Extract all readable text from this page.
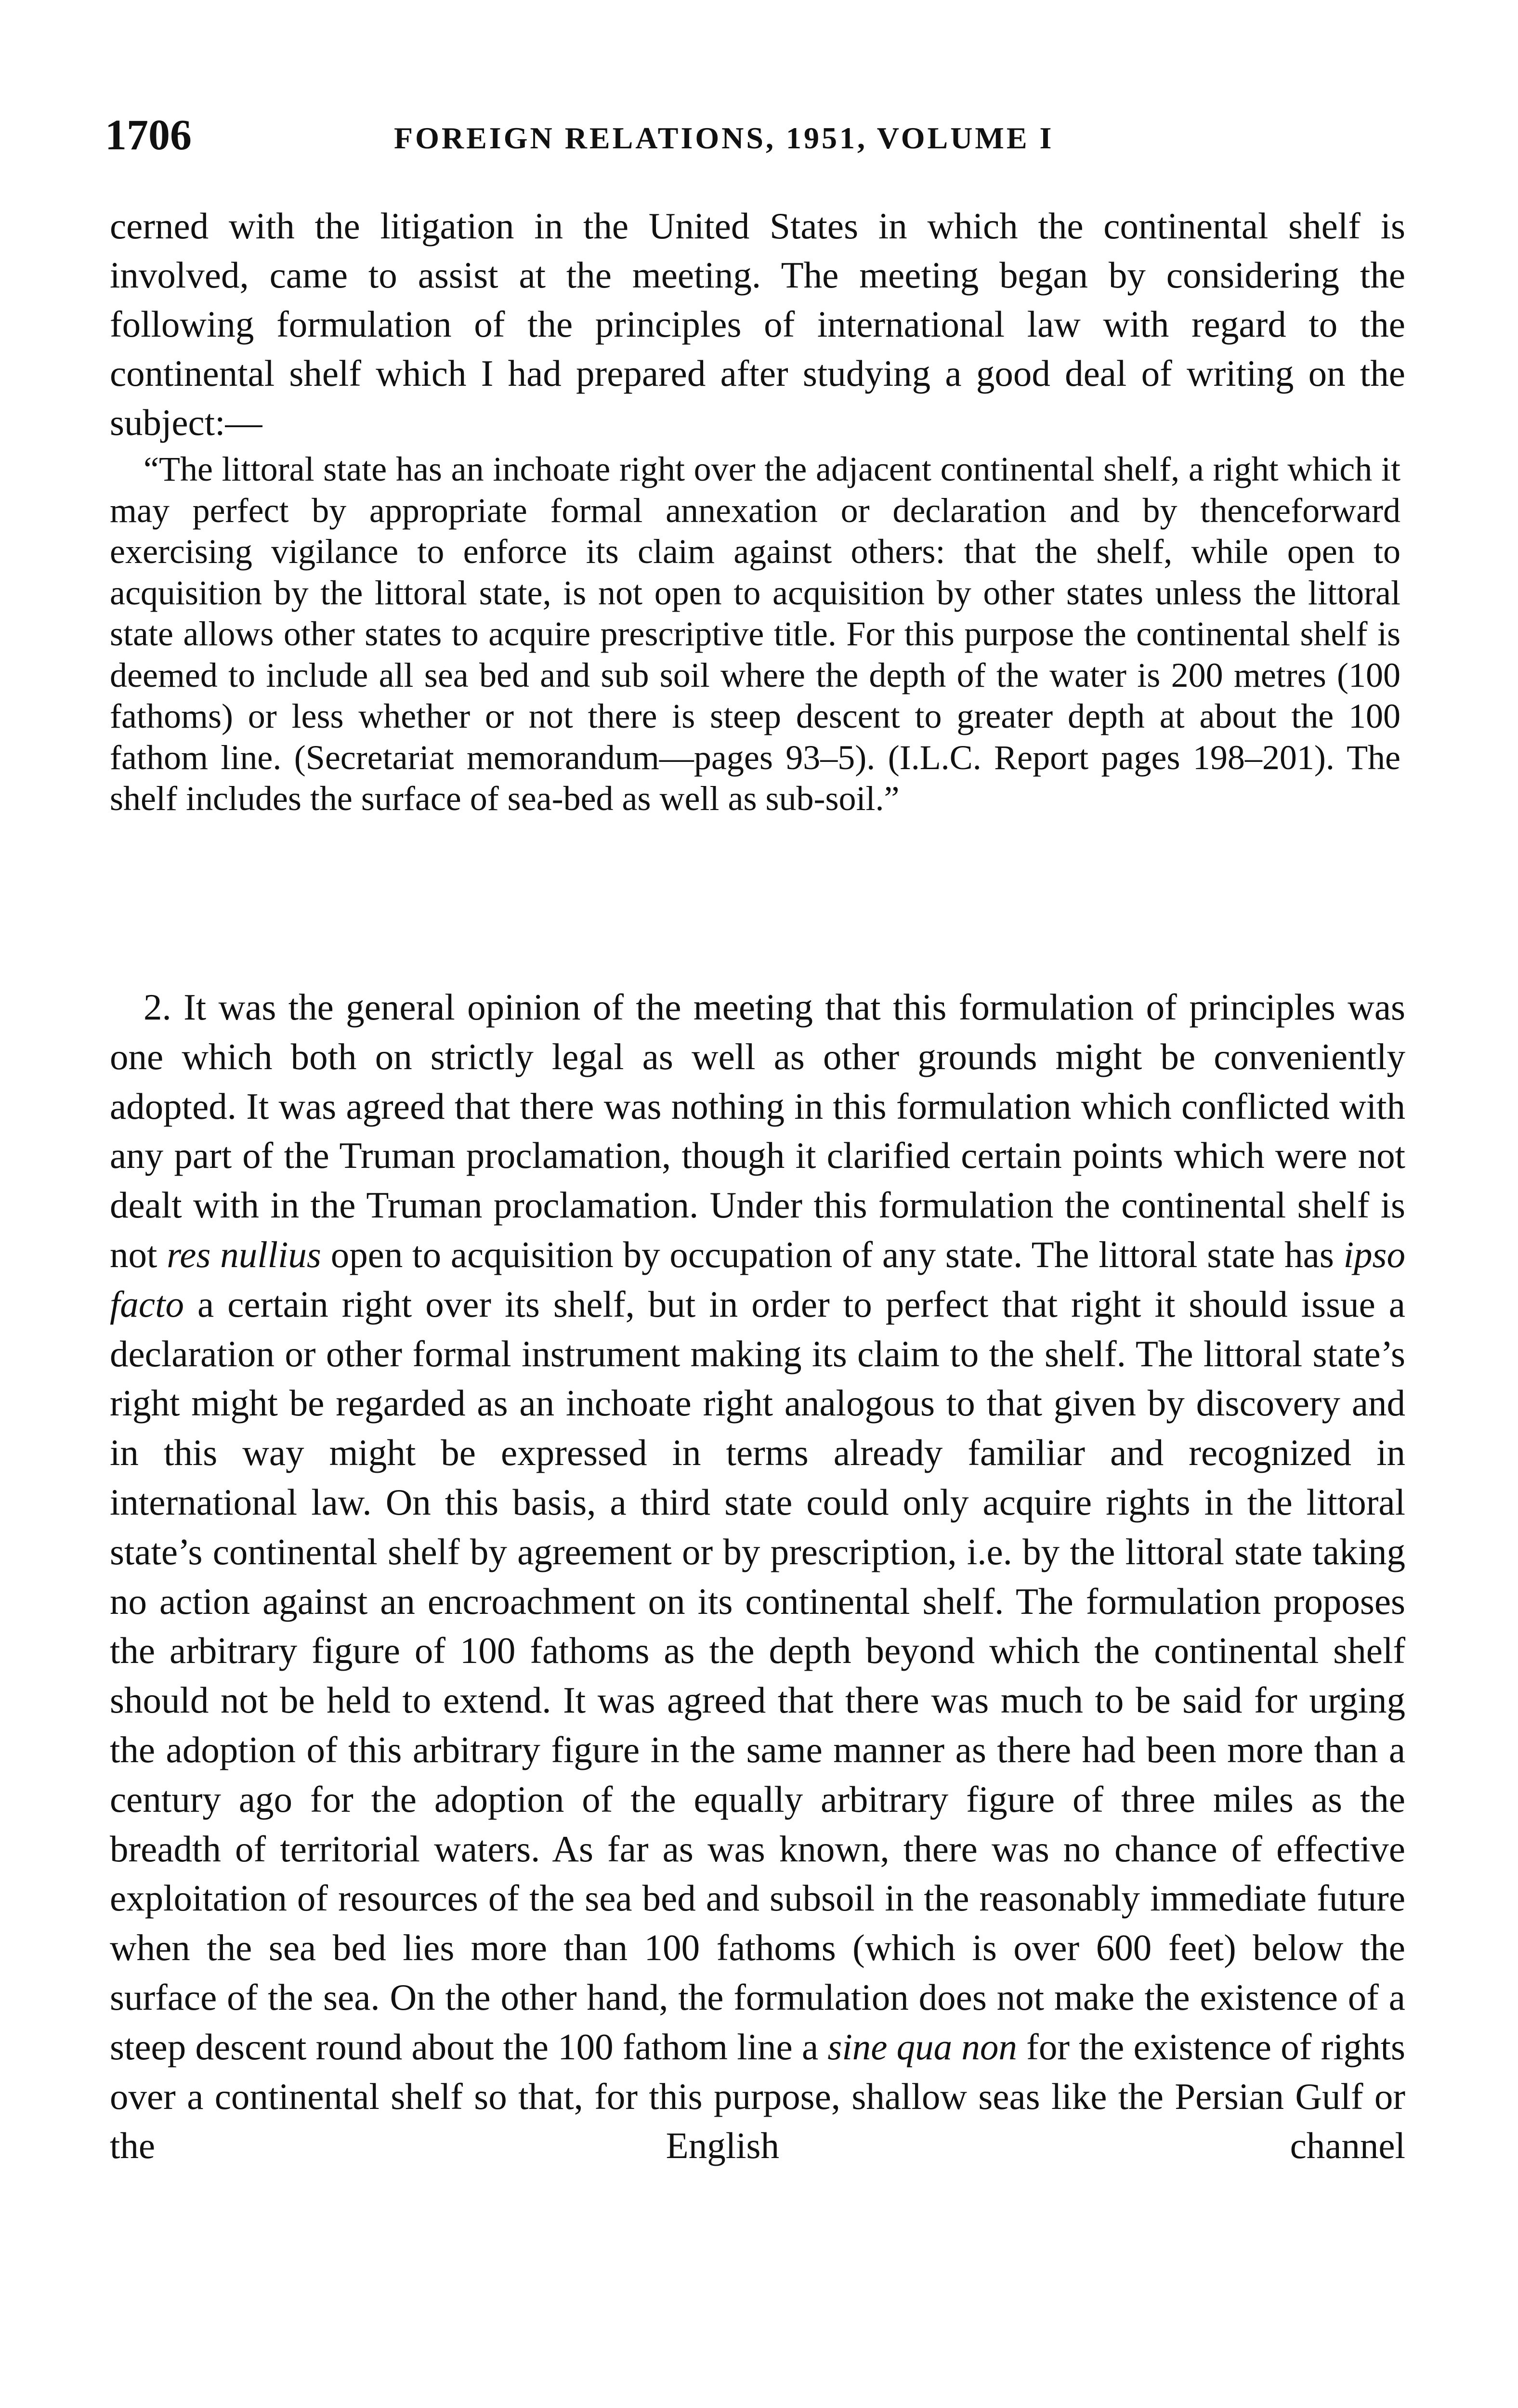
1706	FOREIGN RELATIONS, 1951, VOLUME I

cerned with the litigation in the United States in which the continental shelf is involved, came to assist at the meeting. The meeting began by considering the following formulation of the principles of international law with regard to the continental shelf which I had prepared after studying a good deal of writing on the subject:—

“The littoral state has an inchoate right over the adjacent continental shelf, a right which it may perfect by appropriate formal annexation or declaration and by thenceforward exercising vigilance to enforce its claim against others: that the shelf, while open to acquisition by the littoral state, is not open to acquisition by other states unless the littoral state allows other states to acquire prescriptive title. For this purpose the continental shelf is deemed to include all sea bed and sub soil where the depth of the water is 200 metres (100 fathoms) or less whether or not there is steep descent to greater depth at about the 100 fathom line. (Secretariat memorandum—pages 93–5). (I.L.C. Report pages 198–201). The shelf includes the surface of sea-bed as well as sub-soil.”

2. It was the general opinion of the meeting that this formulation of principles was one which both on strictly legal as well as other grounds might be conveniently adopted. It was agreed that there was nothing in this formulation which conflicted with any part of the Truman proclamation, though it clarified certain points which were not dealt with in the Truman proclamation. Under this formulation the continental shelf is not res nullius open to acquisition by occupation of any state. The littoral state has ipso facto a certain right over its shelf, but in order to perfect that right it should issue a declaration or other formal instrument making its claim to the shelf. The littoral state’s right might be regarded as an inchoate right analogous to that given by discovery and in this way might be expressed in terms already familiar and recognized in international law. On this basis, a third state could only acquire rights in the littoral state’s continental shelf by agreement or by prescription, i.e. by the littoral state taking no action against an encroachment on its continental shelf. The formulation proposes the arbitrary figure of 100 fathoms as the depth beyond which the continental shelf should not be held to extend. It was agreed that there was much to be said for urging the adoption of this arbitrary figure in the same manner as there had been more than a century ago for the adoption of the equally arbitrary figure of three miles as the breadth of territorial waters. As far as was known, there was no chance of effective exploitation of resources of the sea bed and subsoil in the reasonably immediate future when the sea bed lies more than 100 fathoms (which is over 600 feet) below the surface of the sea. On the other hand, the formulation does not make the existence of a steep descent round about the 100 fathom line a sine qua non for the existence of rights over a continental shelf so that, for this purpose, shallow seas like the Persian Gulf or the English channel
